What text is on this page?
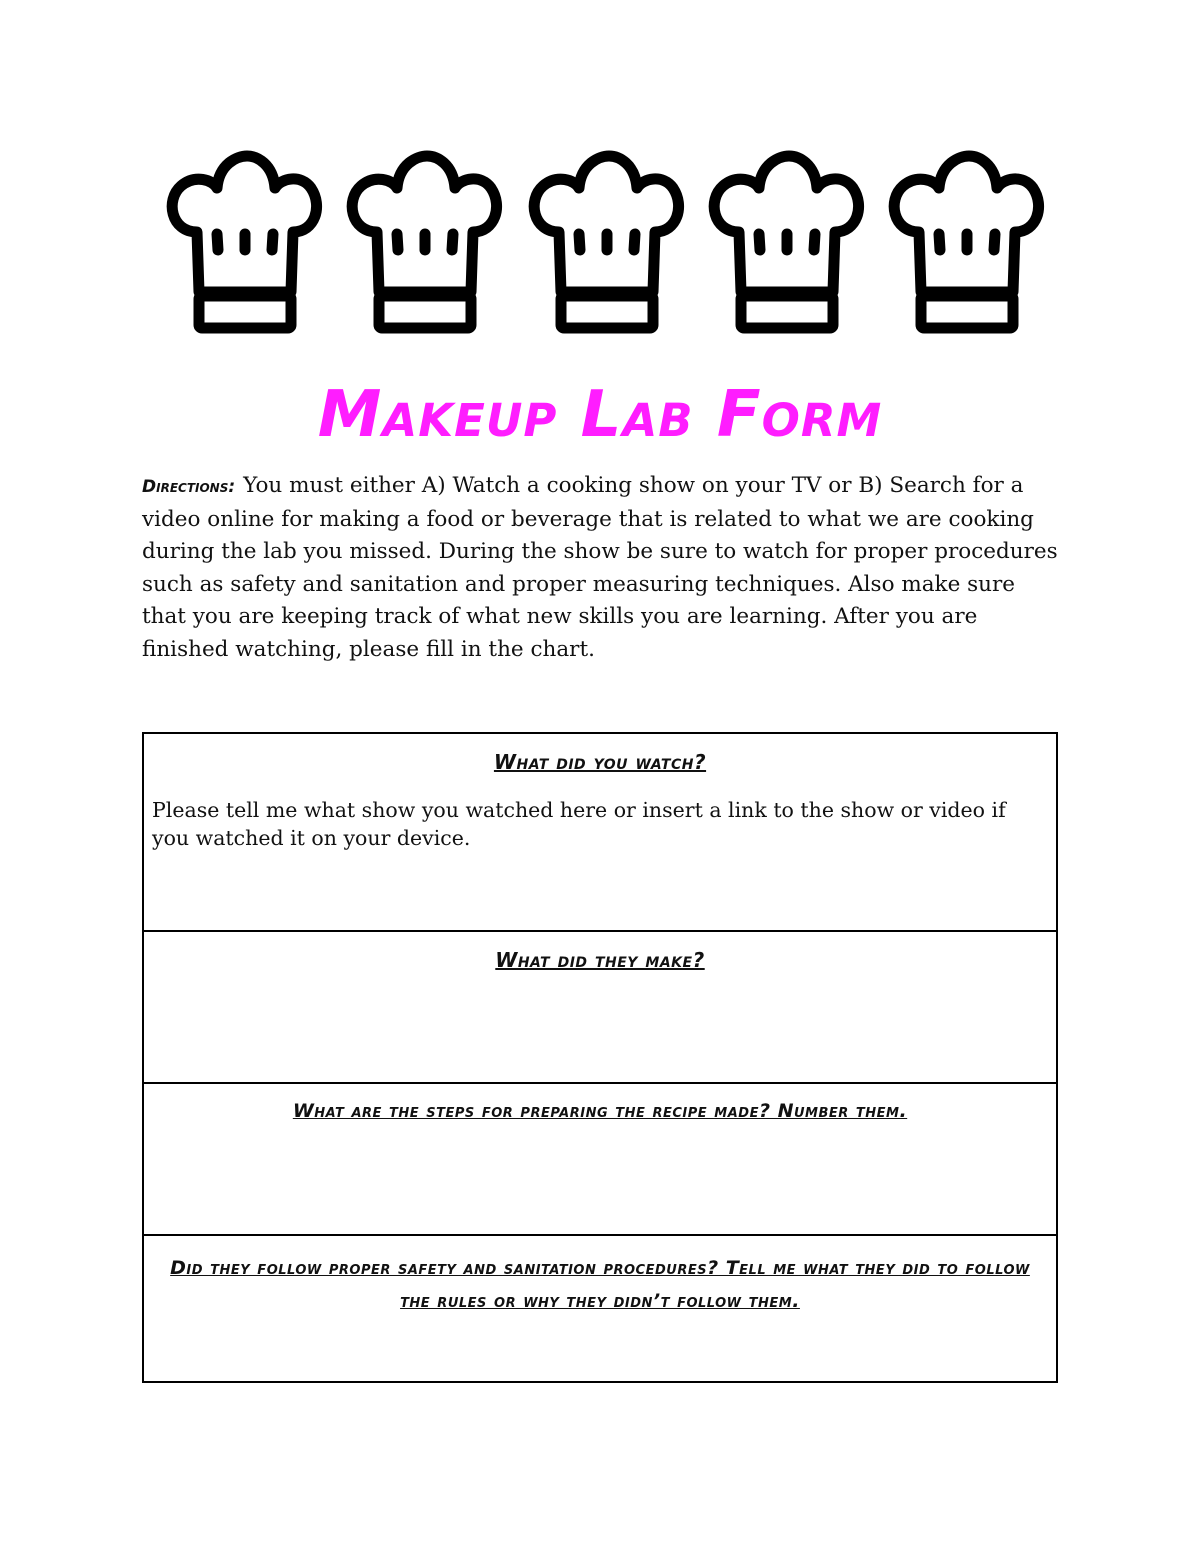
Makeup Lab Form
Directions: You must either A) Watch a cooking show on your TV or B) Search for a video online for making a food or beverage that is related to what we are cooking during the lab you missed. During the show be sure to watch for proper procedures such as safety and sanitation and proper measuring techniques. Also make sure that you are keeping track of what new skills you are learning. After you are finished watching, please fill in the chart.
What did you watch?
Please tell me what show you watched here or insert a link to the show or video if you watched it on your device.
What did they make?
What are the steps for preparing the recipe made? Number them.
Did they follow proper safety and sanitation procedures? Tell me what they did to follow the rules or why they didn’t follow them.
